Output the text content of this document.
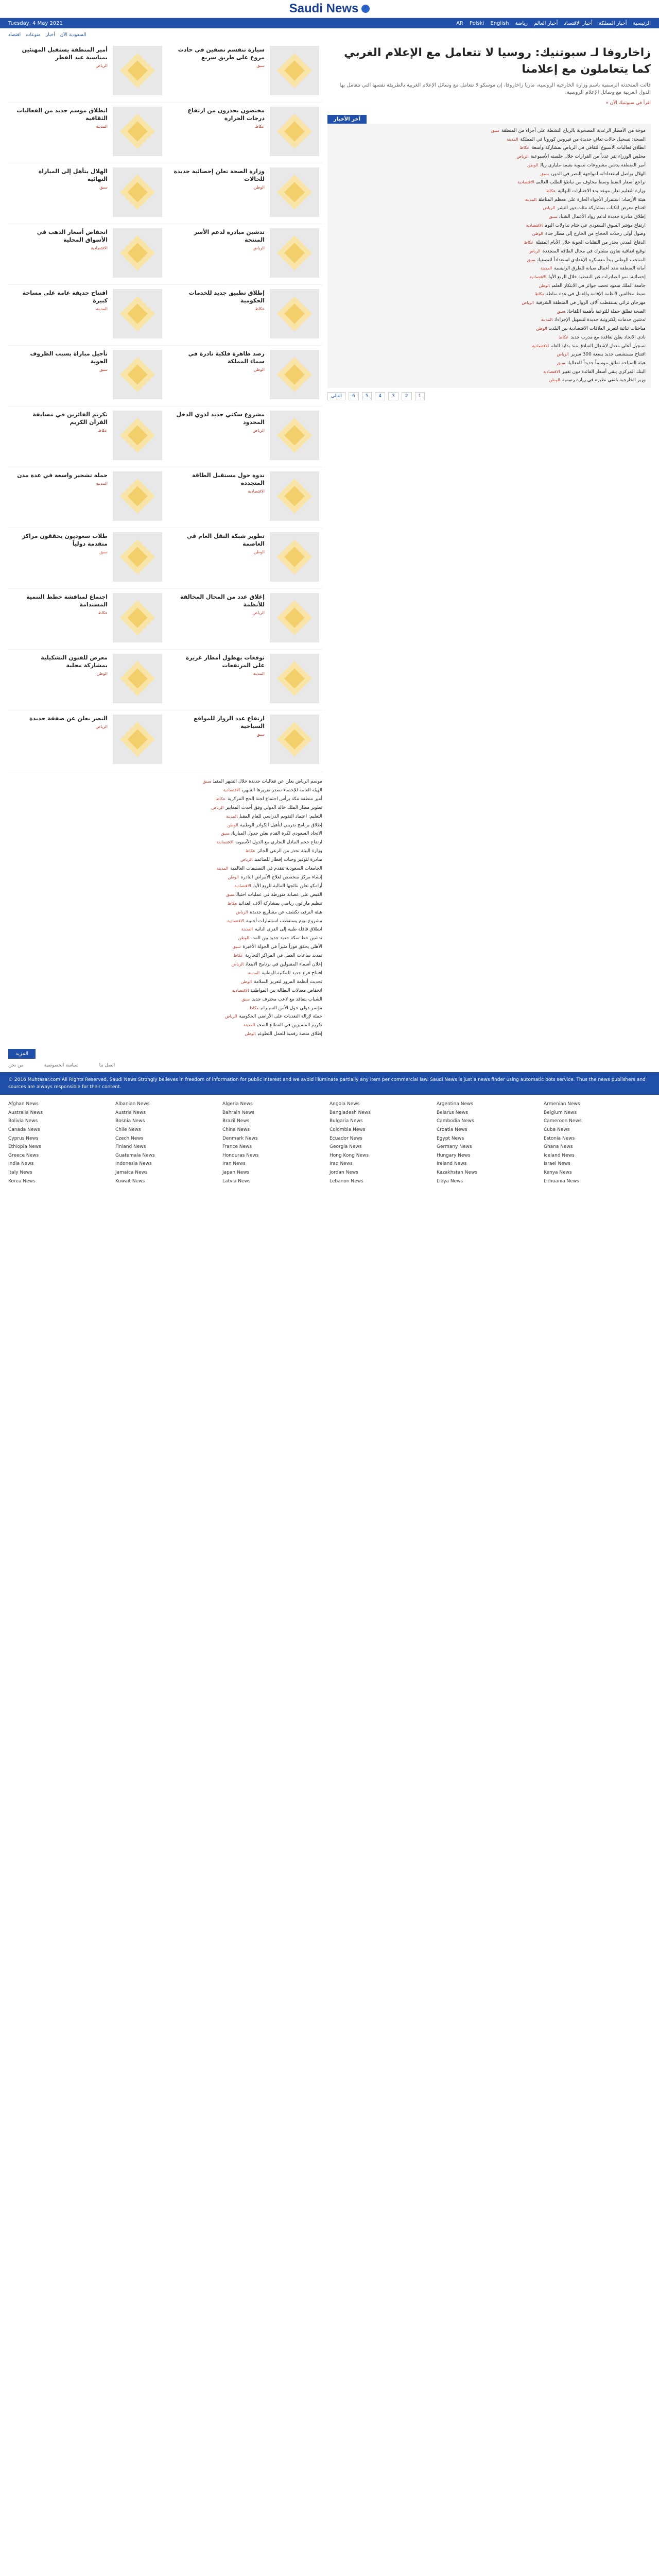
Saudi News
Tuesday, 4 May 2021	الرئيسية
أخبار المملكة
أخبار الاقتصاد
أخبار العالم
رياضة
English
Polski
AR
السعودية الآن
أخبار
منوعات
اقتصاد
سيارة تنقسم نصفين في حادث مروع على طريق سريع
سبق
أمير المنطقة يستقبل المهنئين بمناسبة عيد الفطر
الرياض
مختصون يحذرون من ارتفاع درجات الحرارة
عكاظ
انطلاق موسم جديد من الفعاليات الثقافية
المدينة
وزارة الصحة تعلن إحصائية جديدة للحالات
الوطن
الهلال يتأهل إلى المباراة النهائية
سبق
تدشين مبادرة لدعم الأسر المنتجة
الرياض
انخفاض أسعار الذهب في الأسواق المحلية
الاقتصادية
إطلاق تطبيق جديد للخدمات الحكومية
عكاظ
افتتاح حديقة عامة على مساحة كبيرة
المدينة
رصد ظاهرة فلكية نادرة في سماء المملكة
الوطن
تأجيل مباراة بسبب الظروف الجوية
سبق
مشروع سكني جديد لذوي الدخل المحدود
الرياض
تكريم الفائزين في مسابقة القرآن الكريم
عكاظ
ندوة حول مستقبل الطاقة المتجددة
الاقتصادية
حملة تشجير واسعة في عدة مدن
المدينة
تطوير شبكة النقل العام في العاصمة
الوطن
طلاب سعوديون يحققون مراكز متقدمة دولياً
سبق
إغلاق عدد من المحال المخالفة للأنظمة
الرياض
اجتماع لمناقشة خطط التنمية المستدامة
عكاظ
توقعات بهطول أمطار غزيرة على المرتفعات
المدينة
معرض للفنون التشكيلية بمشاركة محلية
الوطن
ارتفاع عدد الزوار للمواقع السياحية
سبق
النصر يعلن عن صفقة جديدة
الرياض
موسم الرياض يعلن عن فعاليات جديدة خلال الشهر المقبلسبق
الهيئة العامة للإحصاء تصدر تقريرها الشهريالاقتصادية
أمير منطقة مكة يرأس اجتماع لجنة الحج المركزيةعكاظ
تطوير مطار الملك خالد الدولي وفق أحدث المعاييرالرياض
التعليم: اعتماد التقويم الدراسي للعام المقبلالمدينة
إطلاق برنامج تدريبي لتأهيل الكوادر الوطنيةالوطن
الاتحاد السعودي لكرة القدم يعلن جدول المبارياتسبق
ارتفاع حجم التبادل التجاري مع الدول الآسيويةالاقتصادية
وزارة البيئة تحذر من الرعي الجائرعكاظ
مبادرة لتوفير وجبات إفطار للصائمينالرياض
الجامعات السعودية تتقدم في التصنيفات العالميةالمدينة
إنشاء مركز متخصص لعلاج الأمراض النادرةالوطن
أرامكو تعلن نتائجها المالية للربع الأولالاقتصادية
القبض على عصابة متورطة في عمليات احتيالسبق
تنظيم ماراثون رياضي بمشاركة آلاف العدائينعكاظ
هيئة الترفيه تكشف عن مشاريع جديدةالرياض
مشروع نيوم يستقطب استثمارات أجنبيةالاقتصادية
انطلاق قافلة طبية إلى القرى النائيةالمدينة
تدشين خط سكة حديد جديد بين المدنالوطن
الأهلي يحقق فوزاً مثيراً في الجولة الأخيرةسبق
تمديد ساعات العمل في المراكز التجاريةعكاظ
إعلان أسماء المقبولين في برنامج الابتعاثالرياض
افتتاح فرع جديد للمكتبة الوطنيةالمدينة
تحديث أنظمة المرور لتعزيز السلامةالوطن
انخفاض معدلات البطالة بين المواطنينالاقتصادية
الشباب يتعاقد مع لاعب محترف جديدسبق
مؤتمر دولي حول الأمن السيبرانيعكاظ
حملة لإزالة التعديات على الأراضي الحكوميةالرياض
تكريم المتميزين في القطاع الصحيالمدينة
إطلاق منصة رقمية للعمل التطوعيالوطن
المزيد
زاخاروفا لـ سبوتنيك: روسيا لا تتعامل مع الإعلام الغربي كما يتعاملون مع إعلامنا
قالت المتحدثة الرسمية باسم وزارة الخارجية الروسية، ماريا زاخاروفا، إن موسكو لا تتعامل مع وسائل الإعلام الغربية بالطريقة نفسها التي تتعامل بها الدول الغربية مع وسائل الإعلام الروسية.
اقرأ في سبوتنيك الآن »
آخر الأخبار
موجة من الأمطار الرعدية المصحوبة بالرياح النشطة على أجزاء من المنطقةسبق
الصحة: تسجيل حالات تعافٍ جديدة من فيروس كورونا في المملكةالمدينة
انطلاق فعاليات الأسبوع الثقافي في الرياض بمشاركة واسعةعكاظ
مجلس الوزراء يقر عدداً من القرارات خلال جلسته الأسبوعيةالرياض
أمير المنطقة يدشن مشروعات تنموية بقيمة ملياري ريالالوطن
الهلال يواصل استعداداته لمواجهة النصر في الدوريسبق
تراجع أسعار النفط وسط مخاوف من تباطؤ الطلب العالميالاقتصادية
وزارة التعليم تعلن موعد بدء الاختبارات النهائيةعكاظ
هيئة الأرصاد: استمرار الأجواء الحارة على معظم المناطقالمدينة
افتتاح معرض للكتاب بمشاركة مئات دور النشرالرياض
إطلاق مبادرة جديدة لدعم رواد الأعمال الشبابسبق
ارتفاع مؤشر السوق السعودي في ختام تداولات اليومالاقتصادية
وصول أولى رحلات الحجاج من الخارج إلى مطار جدةالوطن
الدفاع المدني يحذر من التقلبات الجوية خلال الأيام المقبلةعكاظ
توقيع اتفاقية تعاون مشترك في مجال الطاقة المتجددةالرياض
المنتخب الوطني يبدأ معسكره الإعدادي استعداداً للتصفياتسبق
أمانة المنطقة تنفذ أعمال صيانة للطرق الرئيسيةالمدينة
إحصائية: نمو الصادرات غير النفطية خلال الربع الأولالاقتصادية
جامعة الملك سعود تحصد جوائز في الابتكار العلميالوطن
ضبط مخالفين لأنظمة الإقامة والعمل في عدة مناطقعكاظ
مهرجان تراثي يستقطب آلاف الزوار في المنطقة الشرقيةالرياض
الصحة تطلق حملة للتوعية بأهمية اللقاحاتسبق
تدشين خدمات إلكترونية جديدة لتسهيل الإجراءاتالمدينة
مباحثات ثنائية لتعزيز العلاقات الاقتصادية بين البلدينالوطن
نادي الاتحاد يعلن تعاقده مع مدرب جديدعكاظ
تسجيل أعلى معدل لإشغال الفنادق منذ بداية العامالاقتصادية
افتتاح مستشفى جديد بسعة 300 سريرالرياض
هيئة السياحة تطلق موسماً جديداً للفعالياتسبق
البنك المركزي يبقي أسعار الفائدة دون تغييرالاقتصادية
وزير الخارجية يلتقي نظيره في زيارة رسميةالوطن
1
2
3
4
5
6
التالي
اتصل بنا
سياسة الخصوصية
من نحن
© 2016 Muhtasar.com All Rights Reserved. Saudi News Strongly believes in freedom of information for public interest and we avoid illuminate partially any item per commercial law. Saudi News is just a news finder using automatic bots service. Thus the news publishers and sources are always responsible for their content.
Afghan News	Albanian News	Algeria News	Angola News	Argentina News	Armenian News
Australia News	Austria News	Bahrain News	Bangladesh News	Belarus News	Belgium News
Bolivia News	Bosnia News	Brazil News	Bulgaria News	Cambodia News	Cameroon News
Canada News	Chile News	China News	Colombia News	Croatia News	Cuba News
Cyprus News	Czech News	Denmark News	Ecuador News	Egypt News	Estonia News
Ethiopia News	Finland News	France News	Georgia News	Germany News	Ghana News
Greece News	Guatemala News	Honduras News	Hong Kong News	Hungary News	Iceland News
India News	Indonesia News	Iran News	Iraq News	Ireland News	Israel News
Italy News	Jamaica News	Japan News	Jordan News	Kazakhstan News	Kenya News
Korea News	Kuwait News	Latvia News	Lebanon News	Libya News	Lithuania News
